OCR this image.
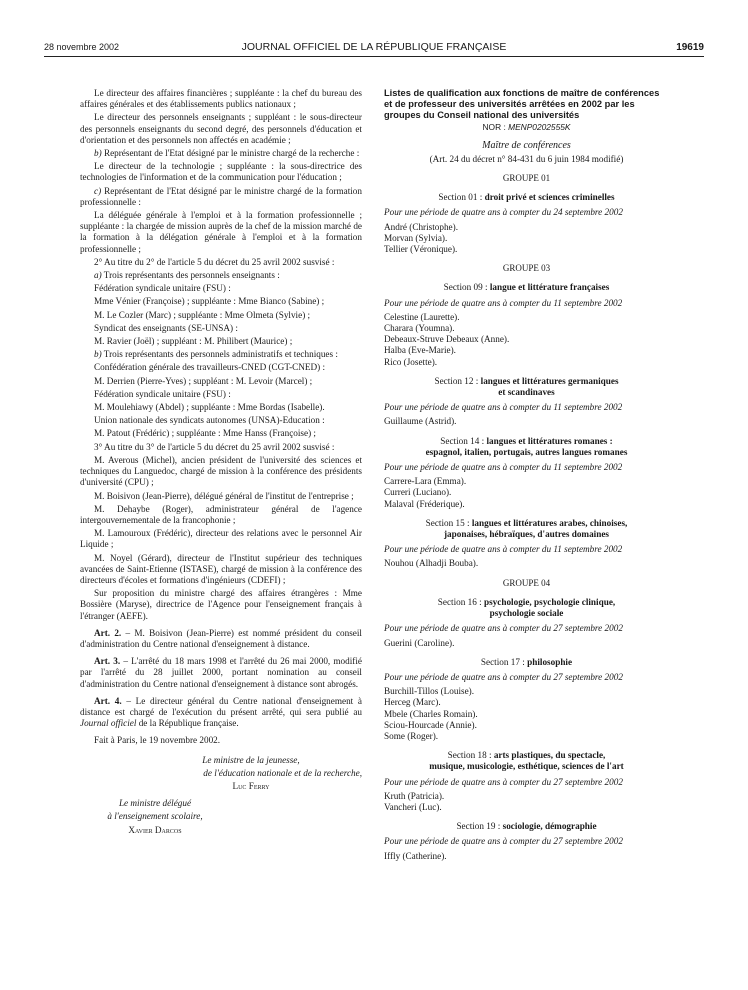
28 novembre 2002	JOURNAL OFFICIEL DE LA RÉPUBLIQUE FRANÇAISE	19619

Le directeur des affaires financières ; suppléante : la chef du bureau des affaires générales et des établissements publics nationaux ;

Le directeur des personnels enseignants ; suppléant : le sous-directeur des personnels enseignants du second degré, des personnels d'éducation et d'orientation et des personnels non affectés en académie ;

b) Représentant de l'Etat désigné par le ministre chargé de la recherche :

Le directeur de la technologie ; suppléante : la sous-directrice des technologies de l'information et de la communication pour l'éducation ;

c) Représentant de l'Etat désigné par le ministre chargé de la formation professionnelle :

La déléguée générale à l'emploi et à la formation professionnelle ; suppléante : la chargée de mission auprès de la chef de la mission marché de la formation à la délégation générale à l'emploi et à la formation professionnelle ;

2° Au titre du 2° de l'article 5 du décret du 25 avril 2002 susvisé :

a) Trois représentants des personnels enseignants :

Fédération syndicale unitaire (FSU) :

Mme Vénier (Françoise) ; suppléante : Mme Bianco (Sabine) ;

M. Le Cozler (Marc) ; suppléante : Mme Olmeta (Sylvie) ;

Syndicat des enseignants (SE-UNSA) :

M. Ravier (Joël) ; suppléant : M. Philibert (Maurice) ;

b) Trois représentants des personnels administratifs et techniques :

Confédération générale des travailleurs-CNED (CGT-CNED) :

M. Derrien (Pierre-Yves) ; suppléant : M. Levoir (Marcel) ;

Fédération syndicale unitaire (FSU) :

M. Moulehiawy (Abdel) ; suppléante : Mme Bordas (Isabelle).

Union nationale des syndicats autonomes (UNSA)-Education :

M. Patout (Frédéric) ; suppléante : Mme Hanss (Françoise) ;

3° Au titre du 3° de l'article 5 du décret du 25 avril 2002 susvisé :

M. Averous (Michel), ancien président de l'université des sciences et techniques du Languedoc, chargé de mission à la conférence des présidents d'université (CPU) ;

M. Boisivon (Jean-Pierre), délégué général de l'institut de l'entreprise ;

M. Dehaybe (Roger), administrateur général de l'agence intergouvernementale de la francophonie ;

M. Lamouroux (Frédéric), directeur des relations avec le personnel Air Liquide ;

M. Noyel (Gérard), directeur de l'Institut supérieur des techniques avancées de Saint-Etienne (ISTASE), chargé de mission à la conférence des directeurs d'écoles et formations d'ingénieurs (CDEFI) ;

Sur proposition du ministre chargé des affaires étrangères : Mme Bossière (Maryse), directrice de l'Agence pour l'enseignement français à l'étranger (AEFE).

Art. 2. – M. Boisivon (Jean-Pierre) est nommé président du conseil d'administration du Centre national d'enseignement à distance.

Art. 3. – L'arrêté du 18 mars 1998 et l'arrêté du 26 mai 2000, modifié par l'arrêté du 28 juillet 2000, portant nomination au conseil d'administration du Centre national d'enseignement à distance sont abrogés.

Art. 4. – Le directeur général du Centre national d'enseignement à distance est chargé de l'exécution du présent arrêté, qui sera publié au Journal officiel de la République française.

Fait à Paris, le 19 novembre 2002.

Le ministre de la jeunesse,

de l'éducation nationale et de la recherche,

Luc Ferry

Le ministre délégué

à l'enseignement scolaire,

Xavier Darcos

Listes de qualification aux fonctions de maître de conférences et de professeur des universités arrêtées en 2002 par les groupes du Conseil national des universités

NOR : MENP0202555K

Maître de conférences

(Art. 24 du décret n° 84-431 du 6 juin 1984 modifié)

GROUPE 01

Section 01 : droit privé et sciences criminelles

Pour une période de quatre ans à compter du 24 septembre 2002

André (Christophe).

Morvan (Sylvia).

Tellier (Véronique).

GROUPE 03

Section 09 : langue et littérature françaises

Pour une période de quatre ans à compter du 11 septembre 2002

Celestine (Laurette).

Charara (Youmna).

Debeaux-Struve Debeaux (Anne).

Halba (Eve-Marie).

Rico (Josette).

Section 12 : langues et littératures germaniques
et scandinaves

Pour une période de quatre ans à compter du 11 septembre 2002

Guillaume (Astrid).

Section 14 : langues et littératures romanes :
espagnol, italien, portugais, autres langues romanes

Pour une période de quatre ans à compter du 11 septembre 2002

Carrere-Lara (Emma).

Curreri (Luciano).

Malaval (Fréderique).

Section 15 : langues et littératures arabes, chinoises,
japonaises, hébraïques, d'autres domaines

Pour une période de quatre ans à compter du 11 septembre 2002

Nouhou (Alhadji Bouba).

GROUPE 04

Section 16 : psychologie, psychologie clinique,
psychologie sociale

Pour une période de quatre ans à compter du 27 septembre 2002

Guerini (Caroline).

Section 17 : philosophie

Pour une période de quatre ans à compter du 27 septembre 2002

Burchill-Tillos (Louise).

Herceg (Marc).

Mbele (Charles Romain).

Sciou-Hourcade (Annie).

Some (Roger).

Section 18 : arts plastiques, du spectacle,
musique, musicologie, esthétique, sciences de l'art

Pour une période de quatre ans à compter du 27 septembre 2002

Kruth (Patricia).

Vancheri (Luc).

Section 19 : sociologie, démographie

Pour une période de quatre ans à compter du 27 septembre 2002

Iffly (Catherine).
